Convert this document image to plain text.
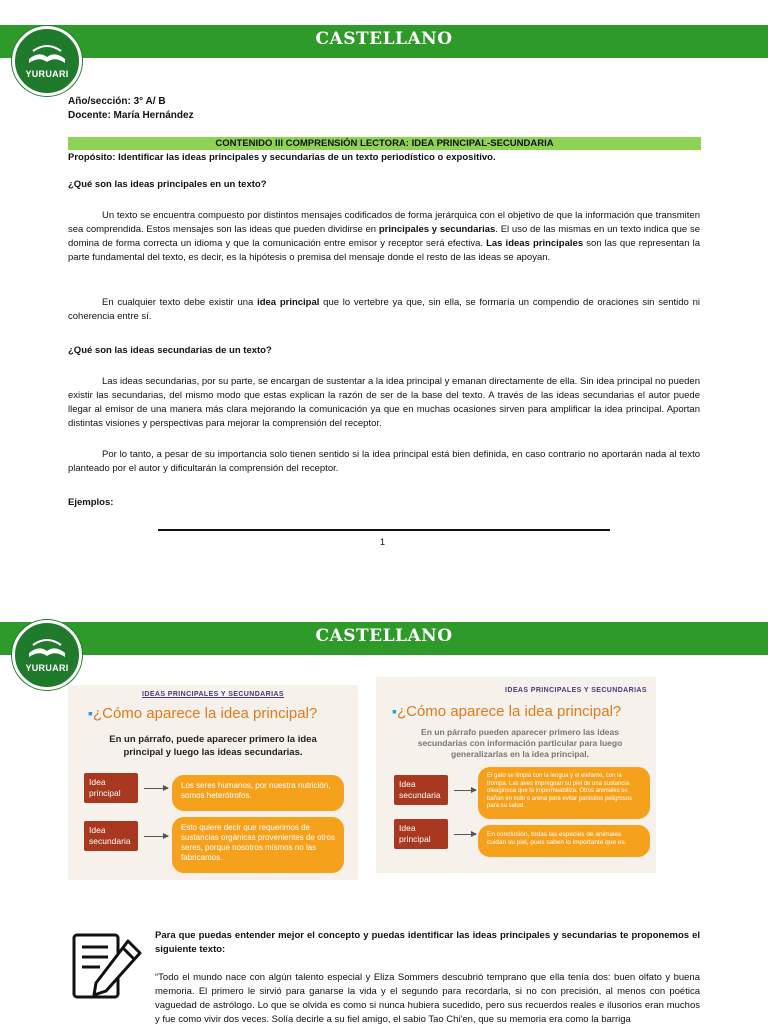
CASTELLANO
YURUARI
Año/sección: 3° A/ B
Docente: María Hernández
CONTENIDO III COMPRENSIÓN LECTORA: IDEA PRINCIPAL-SECUNDARIA
Propósito: Identificar las ideas principales y secundarias de un texto periodístico o expositivo.
¿Qué son las ideas principales en un texto?

Un texto se encuentra compuesto por distintos mensajes codificados de forma jerárquica con el objetivo de que la información que transmiten sea comprendida. Estos mensajes son las ideas que pueden dividirse en principales y secundarias. El uso de las mismas en un texto indica que se domina de forma correcta un idioma y que la comunicación entre emisor y receptor será efectiva. Las ideas principales son las que representan la parte fundamental del texto, es decir, es la hipótesis o premisa del mensaje donde el resto de las ideas se apoyan.

En cualquier texto debe existir una idea principal que lo vertebre ya que, sin ella, se formaría un compendio de oraciones sin sentido ni coherencia entre sí.

¿Qué son las ideas secundarias de un texto?

Las ideas secundarias, por su parte, se encargan de sustentar a la idea principal y emanan directamente de ella. Sin idea principal no pueden existir las secundarias, del mismo modo que estas explican la razón de ser de la base del texto. A través de las ideas secundarias el autor puede llegar al emisor de una manera más clara mejorando la comunicación ya que en muchas ocasiones sirven para amplificar la idea principal. Aportan distintas visiones y perspectivas para mejorar la comprensión del receptor.

Por lo tanto, a pesar de su importancia solo tienen sentido si la idea principal está bien definida, en caso contrario no aportarán nada al texto planteado por el autor y dificultarán la comprensión del receptor.

Ejemplos:
1
CASTELLANO
YURUARI
IDEAS PRINCIPALES Y SECUNDARIAS
▪¿Cómo aparece la idea principal?
En un párrafo, puede aparecer primero la idea principal y luego las ideas secundarias.
Idea principal
Los seres humanos, por nuestra nutrición, somos heterótrofos.
Idea secundaria
Esto quiere decir que requerimos de sustancias orgánicas provenientes de otros seres, porque nosotros mismos no las fabricamos.
IDEAS PRINCIPALES Y SECUNDARIAS
▪¿Cómo aparece la idea principal?
En un párrafo pueden aparecer primero las ideas secundarias con información particular para luego generalizarlas en la idea principal.
Idea secundaria
El gato se limpia con la lengua y el elefante, con la trompa. Las aves impregnan su piel de una sustancia oleaginosa que la impermeabiliza. Otros animales se bañan en lodo o arena para evitar parásitos peligrosos para su salud.
Idea principal	En conclusión, todas las especies de animales cuidan su piel, pues saben lo importante que es.

Para que puedas entender mejor el concepto y puedas identificar las ideas principales y secundarias te proponemos el siguiente texto:

“Todo el mundo nace con algún talento especial y Eliza Sommers descubrió temprano que ella tenía dos: buen olfato y buena memoria. El primero le sirvió para ganarse la vida y el segundo para recordarla, si no con precisión, al menos con poética vaguedad de astrólogo. Lo que se olvida es como si nunca hubiera sucedido, pero sus recuerdos reales e ilusorios eran muchos y fue como vivir dos veces. Solía decirle a su fiel amigo, el sabio Tao Chi'en, que su memoria era como la barriga
